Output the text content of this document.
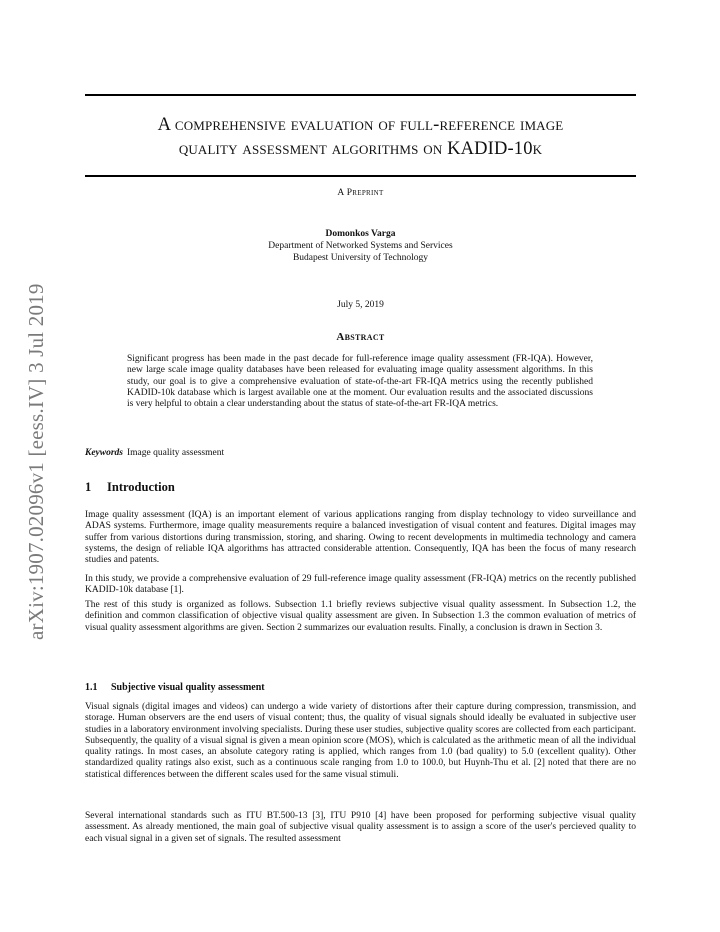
arXiv:1907.02096v1 [eess.IV] 3 Jul 2019
A comprehensive evaluation of full-reference image
quality assessment algorithms on KADID-10k
A Preprint
Domonkos Varga
Department of Networked Systems and Services
Budapest University of Technology
July 5, 2019
Abstract
Significant progress has been made in the past decade for full-reference image quality assessment (FR-IQA). However, new large scale image quality databases have been released for evaluating image quality assessment algorithms. In this study, our goal is to give a comprehensive evaluation of state-of-the-art FR-IQA metrics using the recently published KADID-10k database which is largest available one at the moment. Our evaluation results and the associated discussions is very helpful to obtain a clear understanding about the status of state-of-the-art FR-IQA metrics.
Keywords Image quality assessment
1 Introduction
Image quality assessment (IQA) is an important element of various applications ranging from display technology to video surveillance and ADAS systems. Furthermore, image quality measurements require a balanced investigation of visual content and features. Digital images may suffer from various distortions during transmission, storing, and sharing. Owing to recent developments in multimedia technology and camera systems, the design of reliable IQA algorithms has attracted considerable attention. Consequently, IQA has been the focus of many research studies and patents.
In this study, we provide a comprehensive evaluation of 29 full-reference image quality assessment (FR-IQA) metrics on the recently published KADID-10k database [1].
The rest of this study is organized as follows. Subsection 1.1 briefly reviews subjective visual quality assessment. In Subsection 1.2, the definition and common classification of objective visual quality assessment are given. In Subsection 1.3 the common evaluation of metrics of visual quality assessment algorithms are given. Section 2 summarizes our evaluation results. Finally, a conclusion is drawn in Section 3.
1.1 Subjective visual quality assessment
Visual signals (digital images and videos) can undergo a wide variety of distortions after their capture during compression, transmission, and storage. Human observers are the end users of visual content; thus, the quality of visual signals should ideally be evaluated in subjective user studies in a laboratory environment involving specialists. During these user studies, subjective quality scores are collected from each participant. Subsequently, the quality of a visual signal is given a mean opinion score (MOS), which is calculated as the arithmetic mean of all the individual quality ratings. In most cases, an absolute category rating is applied, which ranges from 1.0 (bad quality) to 5.0 (excellent quality). Other standardized quality ratings also exist, such as a continuous scale ranging from 1.0 to 100.0, but Huynh-Thu et al. [2] noted that there are no statistical differences between the different scales used for the same visual stimuli.
Several international standards such as ITU BT.500-13 [3], ITU P910 [4] have been proposed for performing subjective visual quality assessment. As already mentioned, the main goal of subjective visual quality assessment is to assign a score of the user's percieved quality to each visual signal in a given set of signals. The resulted assessment
